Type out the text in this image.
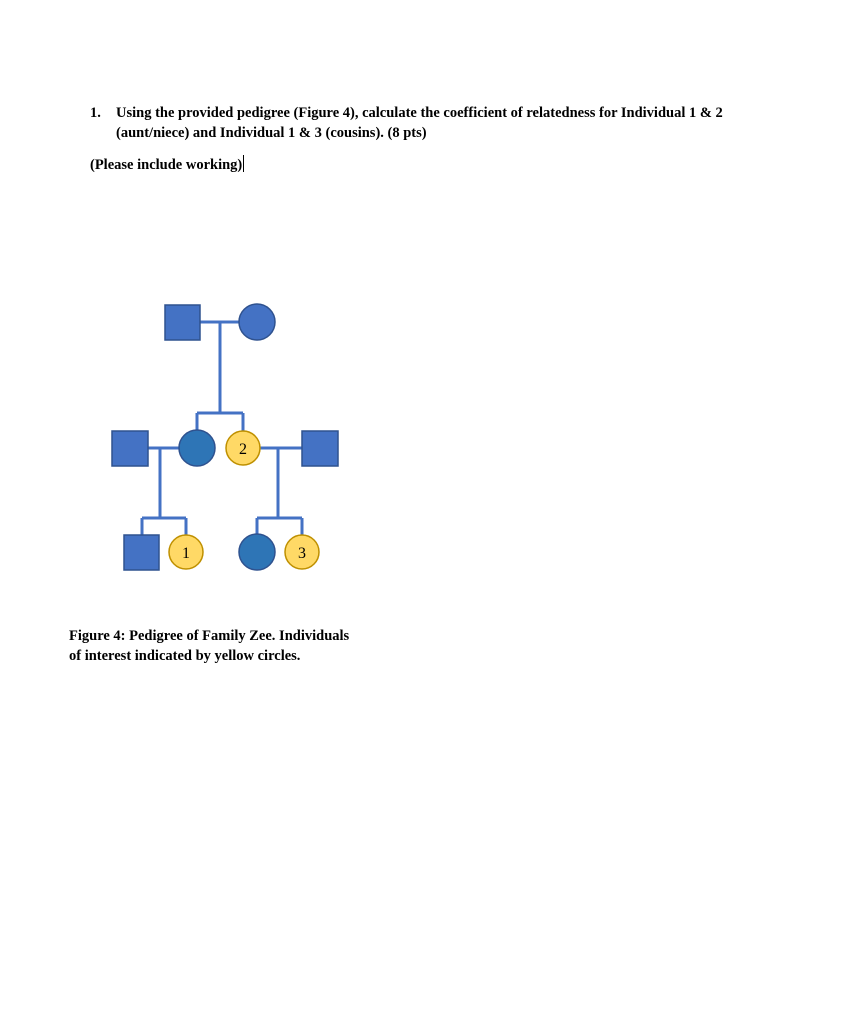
1. Using the provided pedigree (Figure 4), calculate the coefficient of relatedness for Individual 1 & 2 (aunt/niece) and Individual 1 & 3 (cousins). (8 pts)
(Please include working)
2
1	3
Figure 4: Pedigree of Family Zee. Individuals
of interest indicated by yellow circles.
